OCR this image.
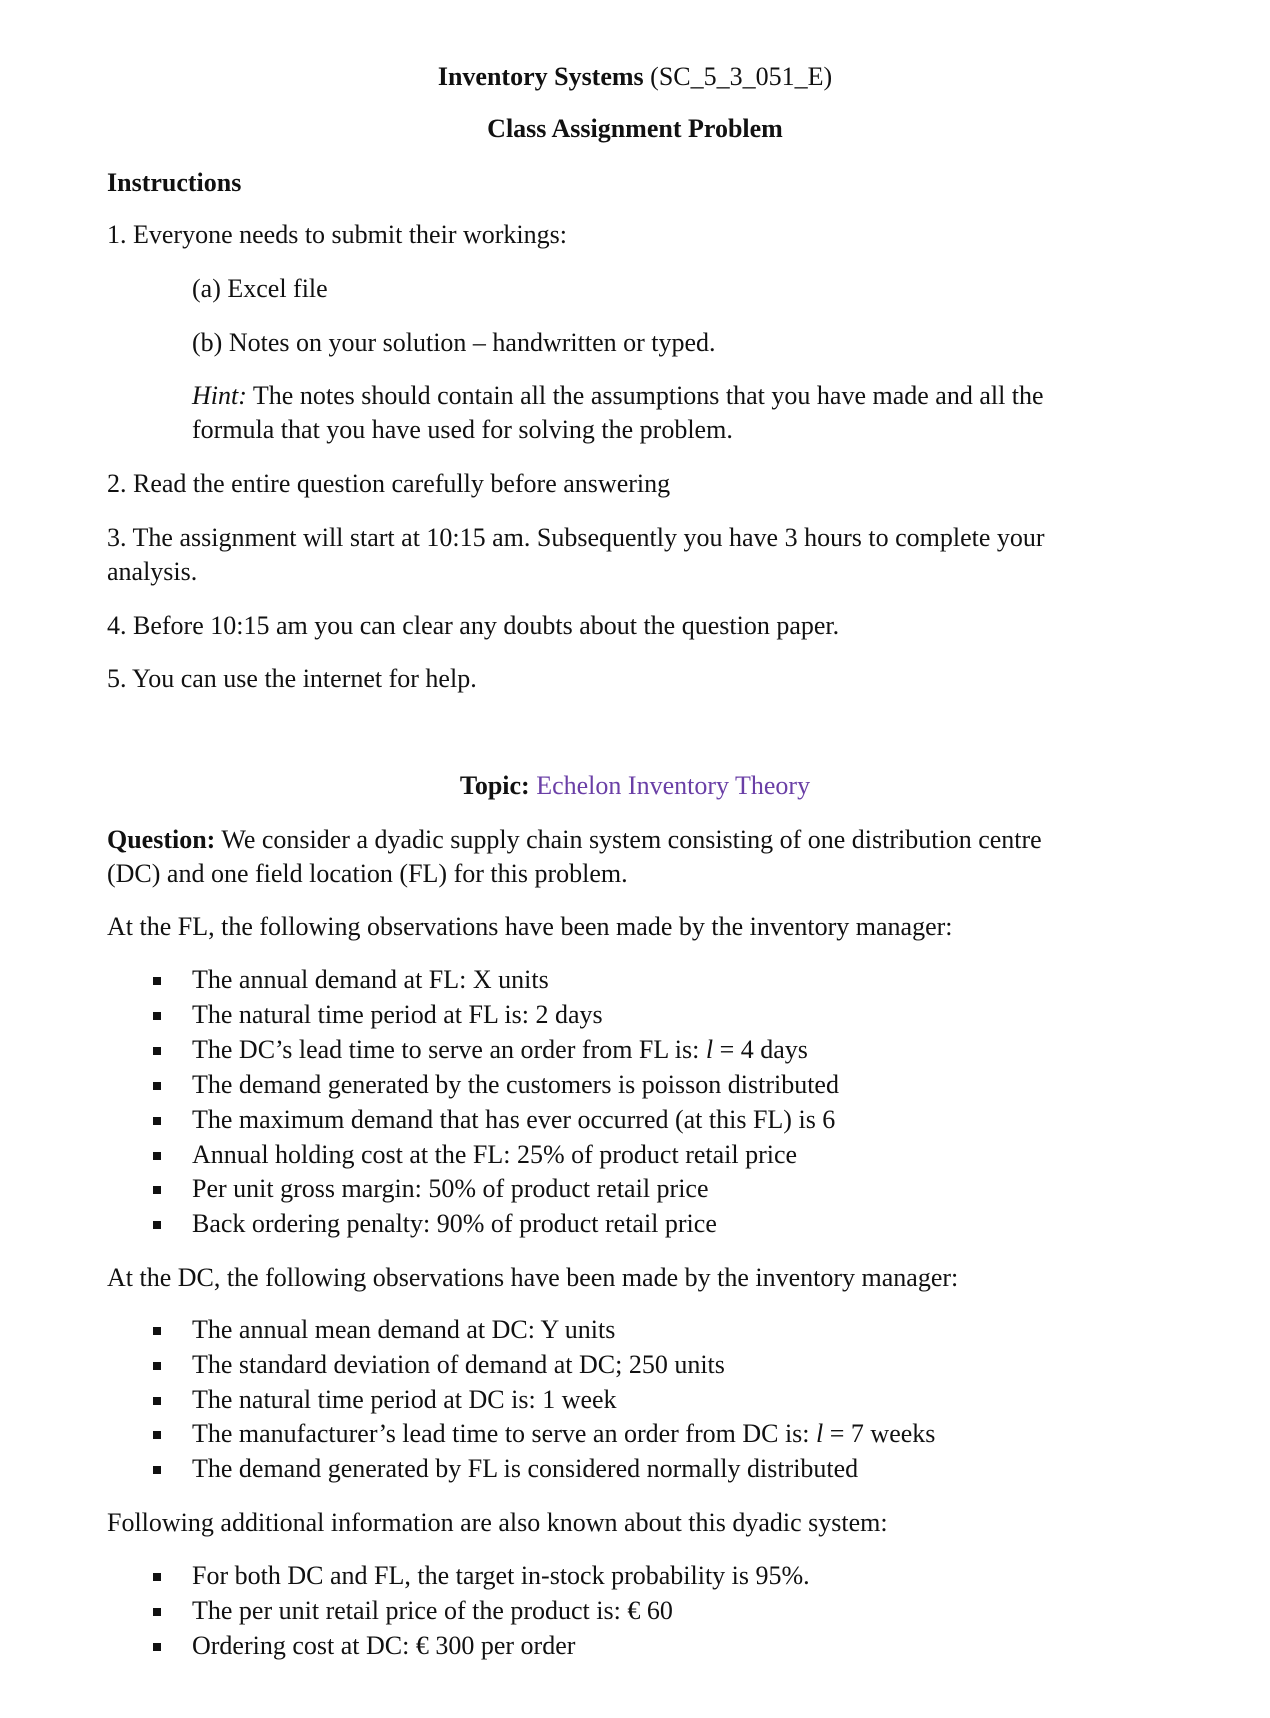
Inventory Systems (SC_5_3_051_E)
Class Assignment Problem
Instructions
1. Everyone needs to submit their workings:
(a) Excel file
(b) Notes on your solution – handwritten or typed.
Hint: The notes should contain all the assumptions that you have made and all the
formula that you have used for solving the problem.
2. Read the entire question carefully before answering
3. The assignment will start at 10:15 am. Subsequently you have 3 hours to complete your
analysis.
4. Before 10:15 am you can clear any doubts about the question paper.
5. You can use the internet for help.
Topic: Echelon Inventory Theory
Question: We consider a dyadic supply chain system consisting of one distribution centre
(DC) and one field location (FL) for this problem.
At the FL, the following observations have been made by the inventory manager:
The annual demand at FL: X units
The natural time period at FL is: 2 days
The DC’s lead time to serve an order from FL is: l = 4 days
The demand generated by the customers is poisson distributed
The maximum demand that has ever occurred (at this FL) is 6
Annual holding cost at the FL: 25% of product retail price
Per unit gross margin: 50% of product retail price
Back ordering penalty: 90% of product retail price
At the DC, the following observations have been made by the inventory manager:
The annual mean demand at DC: Y units
The standard deviation of demand at DC; 250 units
The natural time period at DC is: 1 week
The manufacturer’s lead time to serve an order from DC is: l = 7 weeks
The demand generated by FL is considered normally distributed
Following additional information are also known about this dyadic system:
For both DC and FL, the target in-stock probability is 95%.
The per unit retail price of the product is: € 60
Ordering cost at DC: € 300 per order
